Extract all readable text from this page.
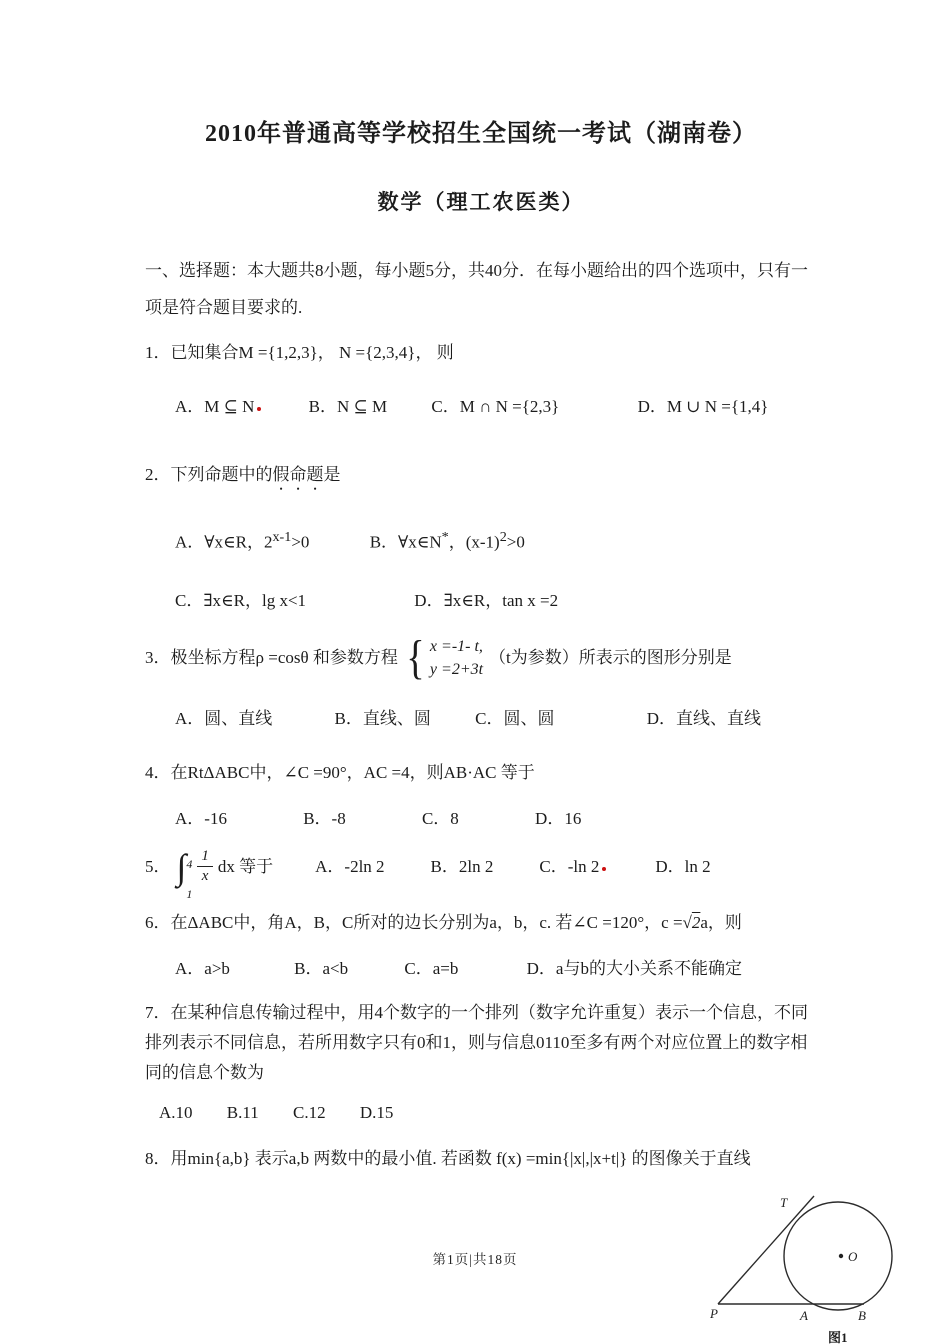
2010年普通高等学校招生全国统一考试（湖南卷）
数学（理工农医类）

一、选择题：本大题共8小题，每小题5分，共40分．在每小题给出的四个选项中，只有一项是符合题目要求的.

1．已知集合M ={1,2,3}， N ={2,3,4}， 则

A．M ⊆ N	B．N ⊆ M	C．M ∩ N ={2,3}	D．M ∪ N ={1,4}

2．下列命题中的假命题是

A．∀x∈R，$2^{x-1}>0$	B．∀x∈N*，$(x-1)^2>0$

C．∃x∈R，lg x<1	D．∃x∈R，tan x =2

3．极坐标方程ρ =cosθ 和参数方程 { x =-1- t,
y =2+3t
（t为参数）所表示的图形分别是

A．圆、直线	B．直线、圆	C．圆、圆	D．直线、直线

4．在RtΔABC中，∠C =90°，AC =4，则AB·AC 等于

A．-16	B．-8	C．8	D．16

5． ∫ 4
1
$\frac{1}{x}$ dx 等于 A．-2ln 2	B．2ln 2	C．-ln 2	D．ln 2

6．在ΔABC中，角A，B，C所对的边长分别为a，b，c. 若∠C =120°，c =√2a，则

A．a>b	B．a<b	C．a=b	D．a与b的大小关系不能确定

7．在某种信息传输过程中，用4个数字的一个排列（数字允许重复）表示一个信息，不同排列表示不同信息，若所用数字只有0和1，则与信息0110至多有两个对应位置上的数字相同的信息个数为

A.10 B.11 C.12 D.15

8．用min{a,b} 表示a,b 两数中的最小值. 若函数 f(x) =min{|x|,|x+t|} 的图像关于直线

第1页|共18页
T
P	A	B
O
图1
